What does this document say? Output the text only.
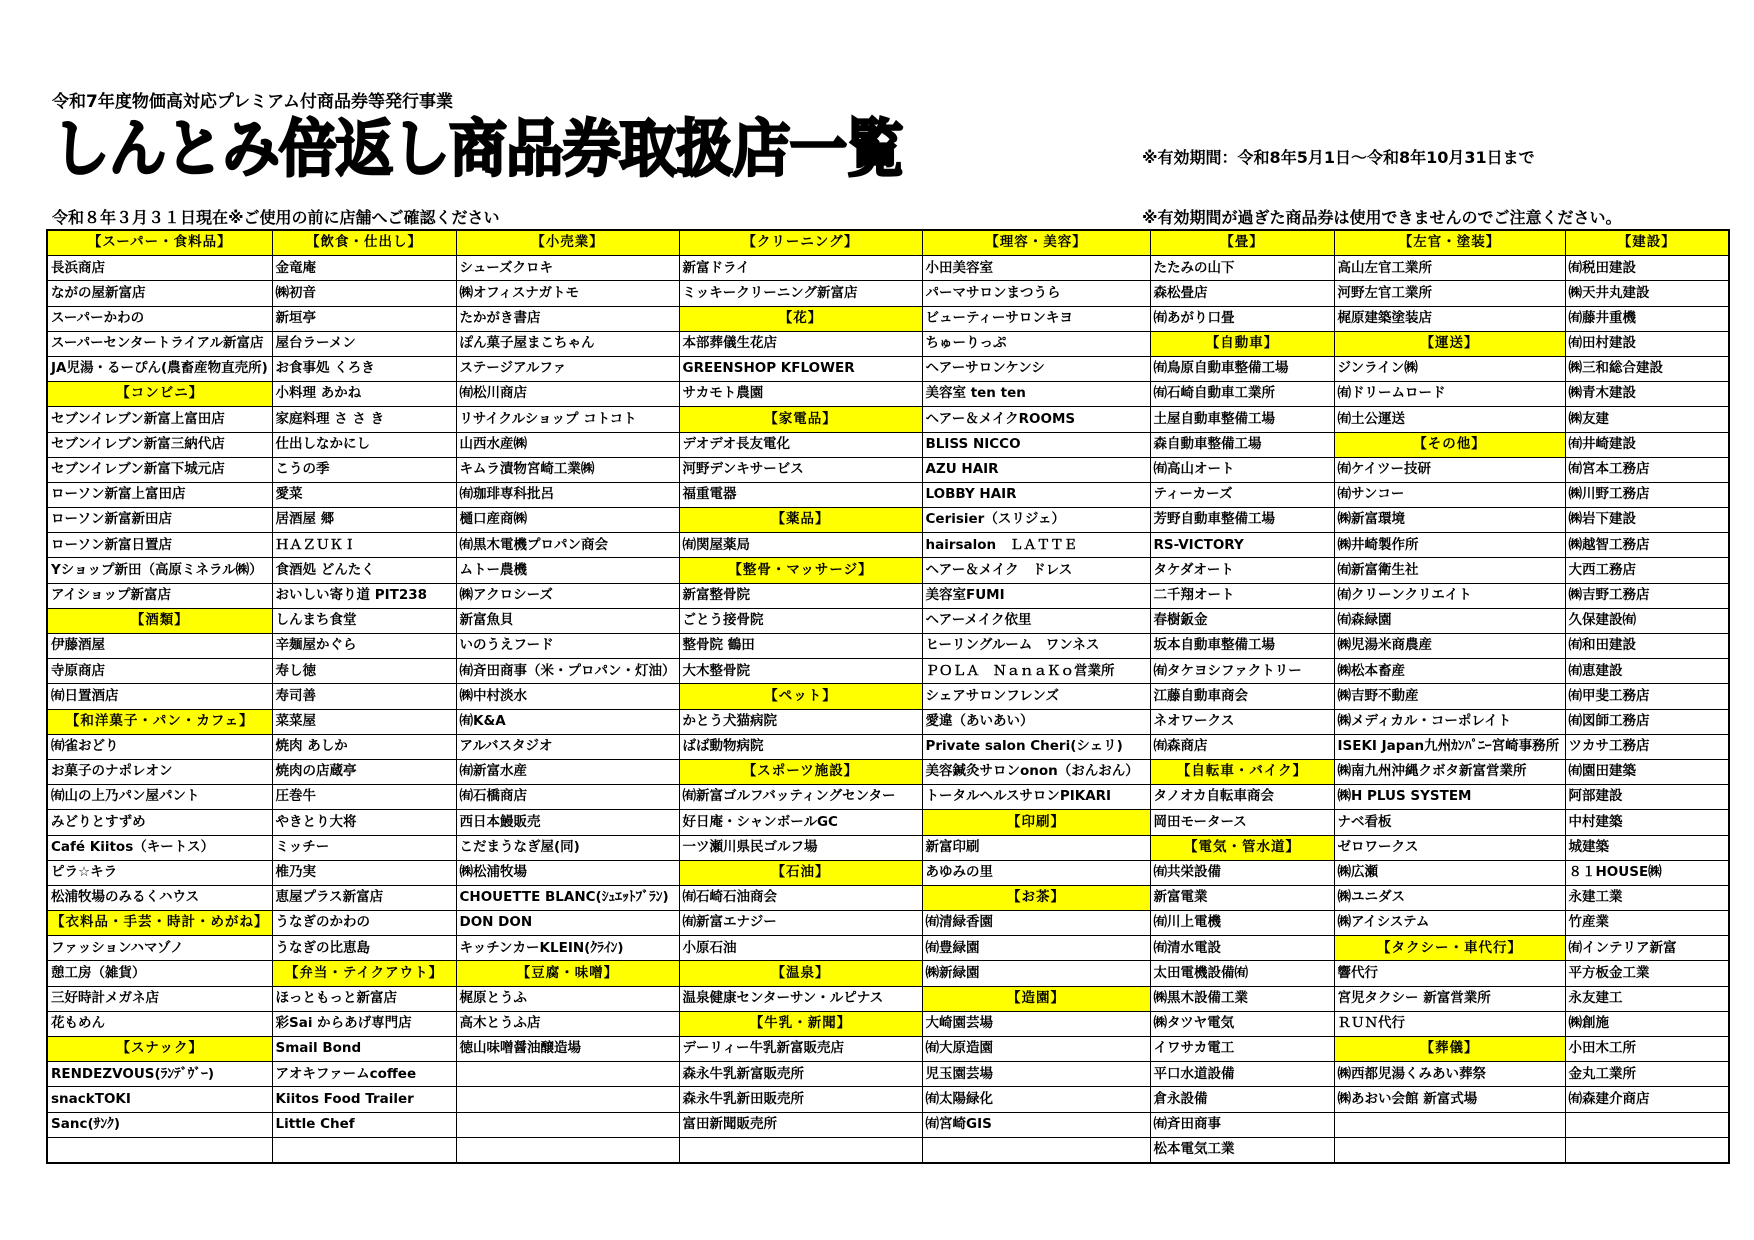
令和7年度物価高対応プレミアム付商品券等発行事業
しんとみ倍返し商品券取扱店一覧	※有効期間：令和8年5月1日～令和8年10月31日まで
令和８年３月３１日現在※ご使用の前に店舗へご確認ください	※有効期間が過ぎた商品券は使用できませんのでご注意ください。
【スーパー・食料品】	【飲食・仕出し】	【小売業】	【クリーニング】	【理容・美容】	【畳】	【左官・塗装】	【建設】
長浜商店	金竜庵	シューズクロキ	新富ドライ	小田美容室	たたみの山下	高山左官工業所	㈲税田建設
ながの屋新富店	㈱初音	㈱オフィスナガトモ	ミッキークリーニング新富店	パーマサロンまつうら	森松畳店	河野左官工業所	㈱天井丸建設
スーパーかわの	新垣亭	たかがき書店	【花】	ビューティーサロンキヨ	㈲あがり口畳	梶原建築塗装店	㈲藤井重機
スーパーセンタートライアル新富店	屋台ラーメン	ぽん菓子屋まこちゃん	本部葬儀生花店	ちゅーりっぷ	【自動車】	【運送】	㈲田村建設
JA児湯・るーぴん(農畜産物直売所)	お食事処 くろき	ステージアルファ	GREENSHOP KFLOWER	ヘアーサロンケンシ	㈲鳥原自動車整備工場	ジンライン㈱	㈱三和総合建設
【コンビニ】	小料理 あかね	㈲松川商店	サカモト農園	美容室 ten ten	㈲石崎自動車工業所	㈲ドリームロード	㈱青木建設
セブンイレブン新富上富田店	家庭料理 さ さ き	リサイクルショップ コトコト	【家電品】	ヘアー＆メイクROOMS	土屋自動車整備工場	㈲土公運送	㈱友建
セブンイレブン新富三納代店	仕出しなかにし	山西水産㈱	デオデオ長友電化	BLISS NICCO	森自動車整備工場	【その他】	㈲井崎建設
セブンイレブン新富下城元店	こうの季	キムラ漬物宮崎工業㈱	河野デンキサービス	AZU HAIR	㈲高山オート	㈲ケイツー技研	㈲宮本工務店
ローソン新富上富田店	愛菜	㈲珈琲専科批呂	福重電器	LOBBY HAIR	ティーカーズ	㈲サンコー	㈱川野工務店
ローソン新富新田店	居酒屋 郷	樋口産商㈱	【薬品】	Cerisier（スリジェ）	芳野自動車整備工場	㈱新富環境	㈱岩下建設
ローソン新富日置店	ＨＡＺＵＫＩ	㈲黒木電機プロパン商会	㈲関屋薬局	hairsalon　ＬＡＴＴＥ	RS-VICTORY	㈱井崎製作所	㈱越智工務店
Yショップ新田（高原ミネラル㈱）	食酒処 どんたく	ムトー農機	【整骨・マッサージ】	ヘアー＆メイク　ドレス	タケダオート	㈲新富衛生社	大西工務店
アイショップ新富店	おいしい寄り道 PIT238	㈱アクロシーズ	新富整骨院	美容室FUMI	二千翔オート	㈲クリーンクリエイト	㈱吉野工務店
【酒類】	しんまち食堂	新富魚貝	ごとう接骨院	ヘアーメイク依里	春樹鈑金	㈲森緑園	久保建設㈲
伊藤酒屋	辛麺屋かぐら	いのうえフード	整骨院 鶴田	ヒーリングルーム　ワンネス	坂本自動車整備工場	㈱児湯米商農産	㈲和田建設
寺原商店	寿し徳	㈲斉田商事（米・プロパン・灯油）	大木整骨院	ＰＯＬＡ　ＮａｎａＫｏ営業所	㈲タケヨシファクトリー	㈱松本畜産	㈲恵建設
㈲日置酒店	寿司善	㈱中村淡水	【ペット】	シェアサロンフレンズ	江藤自動車商会	㈱吉野不動産	㈲甲斐工務店
【和洋菓子・パン・カフェ】	菜菜屋	㈲K&A	かとう犬猫病院	愛違（あいあい）	ネオワークス	㈱メディカル・コーポレイト	㈲図師工務店
㈲雀おどり	焼肉 あしか	アルバスタジオ	ばば動物病院	Private salon Cheri(シェリ)	㈲森商店	ISEKI Japan九州ｶﾝﾊﾟﾆｰ宮崎事務所	ツカサ工務店
お菓子のナポレオン	焼肉の店蔵亭	㈲新富水産	【スポーツ施設】	美容鍼灸サロンonon（おんおん）	【自転車・バイク】	㈱南九州沖縄クボタ新富営業所	㈲園田建築
㈲山の上乃パン屋パント	圧巻牛	㈲石橋商店	㈲新富ゴルフバッティングセンター	トータルヘルスサロンPIKARI	タノオカ自転車商会	㈱H PLUS SYSTEM	阿部建設
みどりとすずめ	やきとり大将	西日本鰻販売	好日庵・シャンボールGC	【印刷】	岡田モータース	ナベ看板	中村建築
Café Kiitos（キートス）	ミッチー	こだまうなぎ屋(同)	一ツ瀬川県民ゴルフ場	新富印刷	【電気・管水道】	ゼロワークス	城建築
ピラ☆キラ	椎乃実	㈱松浦牧場	【石油】	あゆみの里	㈲共栄設備	㈱広瀬	８１HOUSE㈱
松浦牧場のみるくハウス	恵屋プラス新富店	CHOUETTE BLANC(ｼｭｴｯﾄﾌﾞﾗﾝ)	㈲石崎石油商会	【お茶】	新富電業	㈱ユニダス	永建工業
【衣料品・手芸・時計・めがね】	うなぎのかわの	DON DON	㈲新富エナジー	㈲清緑香園	㈲川上電機	㈱アイシステム	竹産業
ファッションハマゾノ	うなぎの比恵島	キッチンカーKLEIN(ｸﾗｲﾝ)	小原石油	㈲豊緑園	㈲清水電設	【タクシー・車代行】	㈲インテリア新富
憩工房（雑貨）	【弁当・テイクアウト】	【豆腐・味噌】	【温泉】	㈱新緑園	太田電機設備㈲	響代行	平方板金工業
三好時計メガネ店	ほっともっと新富店	梶原とうふ	温泉健康センターサン・ルピナス	【造園】	㈱黒木設備工業	宮児タクシー 新富営業所	永友建工
花もめん	彩Sai からあげ専門店	高木とうふ店	【牛乳・新聞】	大崎園芸場	㈱タツヤ電気	ＲＵＮ代行	㈱創施
【スナック】	Smail Bond	徳山味噌醤油醸造場	デーリィー牛乳新富販売店	㈲大原造園	イワサカ電工	【葬儀】	小田木工所
RENDEZVOUS(ﾗﾝﾃﾞｳﾞｰ)	アオキファームcoffee		森永牛乳新富販売所	児玉園芸場	平口水道設備	㈱西都児湯くみあい葬祭	金丸工業所
snackTOKI	Kiitos Food Trailer		森永牛乳新田販売所	㈲太陽緑化	倉永設備	㈱あおい会館 新富式場	㈲森建介商店
Sanc(ｻﾝｸ)	Little Chef		富田新聞販売所	㈲宮崎GIS	㈲斉田商事		
					松本電気工業		
